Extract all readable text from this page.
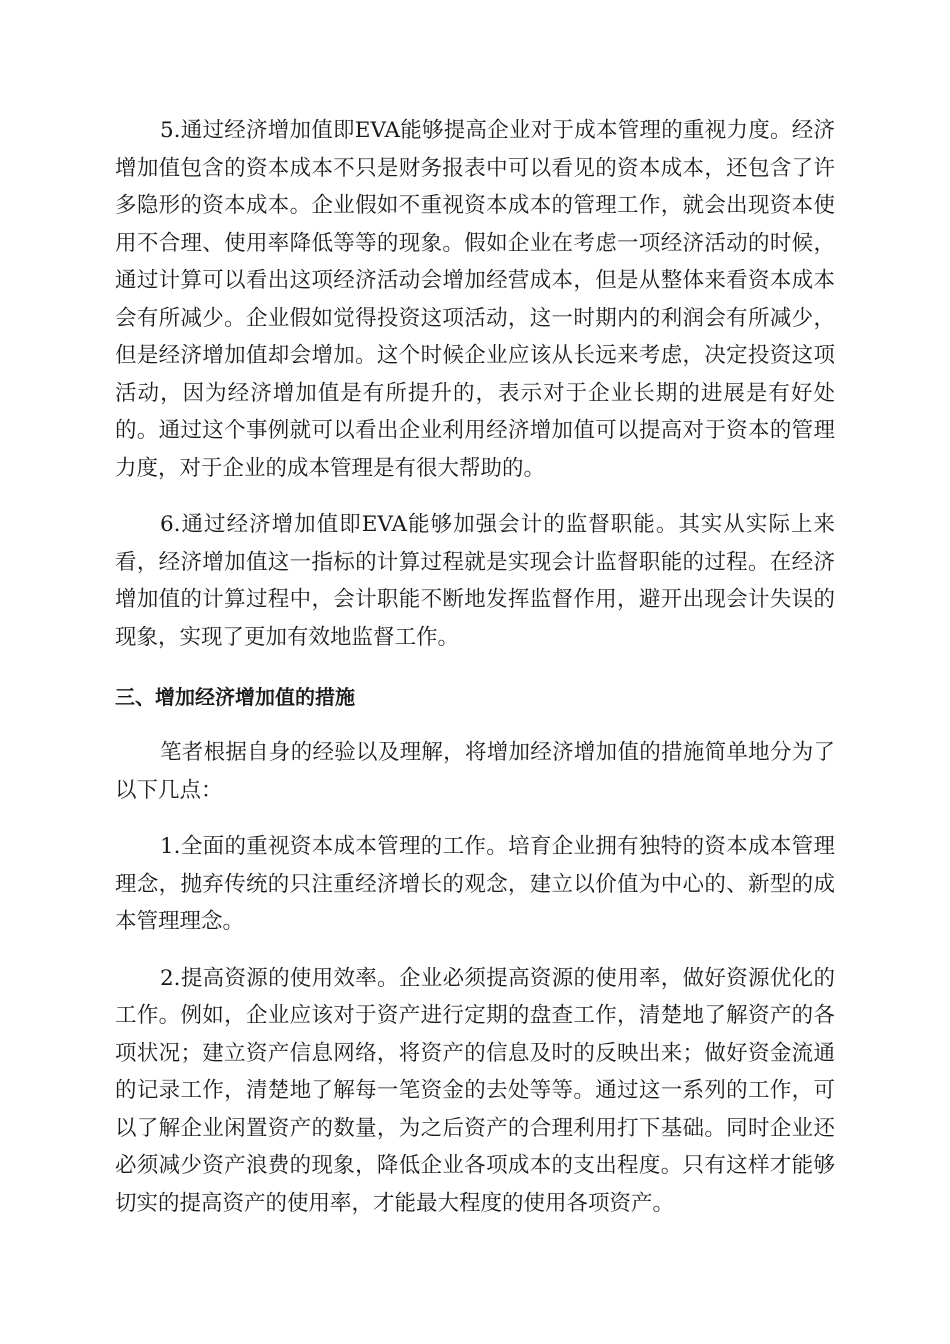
5.通过经济增加值即EVA能够提高企业对于成本管理的重视力度。经济增加值包含的资本成本不只是财务报表中可以看见的资本成本，还包含了许多隐形的资本成本。企业假如不重视资本成本的管理工作，就会出现资本使用不合理、使用率降低等等的现象。假如企业在考虑一项经济活动的时候，通过计算可以看出这项经济活动会增加经营成本，但是从整体来看资本成本会有所减少。企业假如觉得投资这项活动，这一时期内的利润会有所减少，但是经济增加值却会增加。这个时候企业应该从长远来考虑，决定投资这项活动，因为经济增加值是有所提升的，表示对于企业长期的进展是有好处的。通过这个事例就可以看出企业利用经济增加值可以提高对于资本的管理力度，对于企业的成本管理是有很大帮助的。

6.通过经济增加值即EVA能够加强会计的监督职能。其实从实际上来看，经济增加值这一指标的计算过程就是实现会计监督职能的过程。在经济增加值的计算过程中，会计职能不断地发挥监督作用，避开出现会计失误的现象，实现了更加有效地监督工作。

三、增加经济增加值的措施

笔者根据自身的经验以及理解，将增加经济增加值的措施简单地分为了以下几点：

1.全面的重视资本成本管理的工作。培育企业拥有独特的资本成本管理理念，抛弃传统的只注重经济增长的观念，建立以价值为中心的、新型的成本管理理念。

2.提高资源的使用效率。企业必须提高资源的使用率，做好资源优化的工作。例如，企业应该对于资产进行定期的盘查工作，清楚地了解资产的各项状况；建立资产信息网络，将资产的信息及时的反映出来；做好资金流通的记录工作，清楚地了解每一笔资金的去处等等。通过这一系列的工作，可以了解企业闲置资产的数量，为之后资产的合理利用打下基础。同时企业还必须减少资产浪费的现象，降低企业各项成本的支出程度。只有这样才能够切实的提高资产的使用率，才能最大程度的使用各项资产。
